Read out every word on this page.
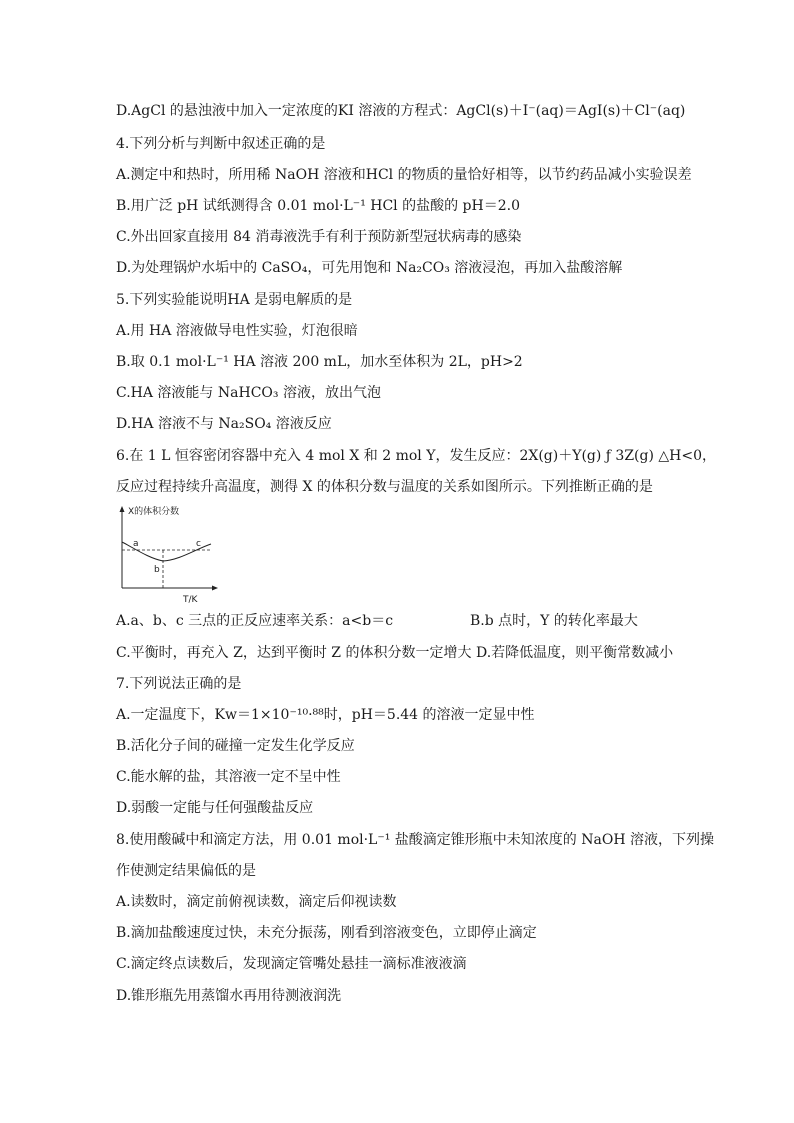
D.AgCl 的悬浊液中加入一定浓度的KI 溶液的方程式：AgCl(s)＋I⁻(aq)＝AgI(s)＋Cl⁻(aq)
4.下列分析与判断中叙述正确的是
A.测定中和热时，所用稀 NaOH 溶液和HCl 的物质的量恰好相等，以节约药品减小实验误差
B.用广泛 pH 试纸测得含 0.01 mol·L⁻¹ HCl 的盐酸的 pH＝2.0
C.外出回家直接用 84 消毒液洗手有利于预防新型冠状病毒的感染
D.为处理锅炉水垢中的 CaSO₄，可先用饱和 Na₂CO₃ 溶液浸泡，再加入盐酸溶解
5.下列实验能说明HA 是弱电解质的是
A.用 HA 溶液做导电性实验，灯泡很暗
B.取 0.1 mol·L⁻¹ HA 溶液 200 mL，加水至体积为 2L，pH>2
C.HA 溶液能与 NaHCO₃ 溶液，放出气泡
D.HA 溶液不与 Na₂SO₄ 溶液反应
6.在 1 L 恒容密闭容器中充入 4 mol X 和 2 mol Y，发生反应：2X(g)＋Y(g) ƒ 3Z(g) △H<0，
反应过程持续升高温度，测得 X 的体积分数与温度的关系如图所示。下列推断正确的是
X的体积分数
T/K
a
b
c
A.a、b、c 三点的正反应速率关系：a<b＝c	B.b 点时，Y 的转化率最大
C.平衡时，再充入 Z，达到平衡时 Z 的体积分数一定增大 D.若降低温度，则平衡常数减小
7.下列说法正确的是
A.一定温度下，Kw＝1×10⁻¹⁰·⁸⁸时，pH＝5.44 的溶液一定显中性
B.活化分子间的碰撞一定发生化学反应
C.能水解的盐，其溶液一定不呈中性
D.弱酸一定能与任何强酸盐反应
8.使用酸碱中和滴定方法，用 0.01 mol·L⁻¹ 盐酸滴定锥形瓶中未知浓度的 NaOH 溶液，下列操
作使测定结果偏低的是
A.读数时，滴定前俯视读数，滴定后仰视读数
B.滴加盐酸速度过快，未充分振荡，刚看到溶液变色，立即停止滴定
C.滴定终点读数后，发现滴定管嘴处悬挂一滴标准液液滴
D.锥形瓶先用蒸馏水再用待测液润洗
